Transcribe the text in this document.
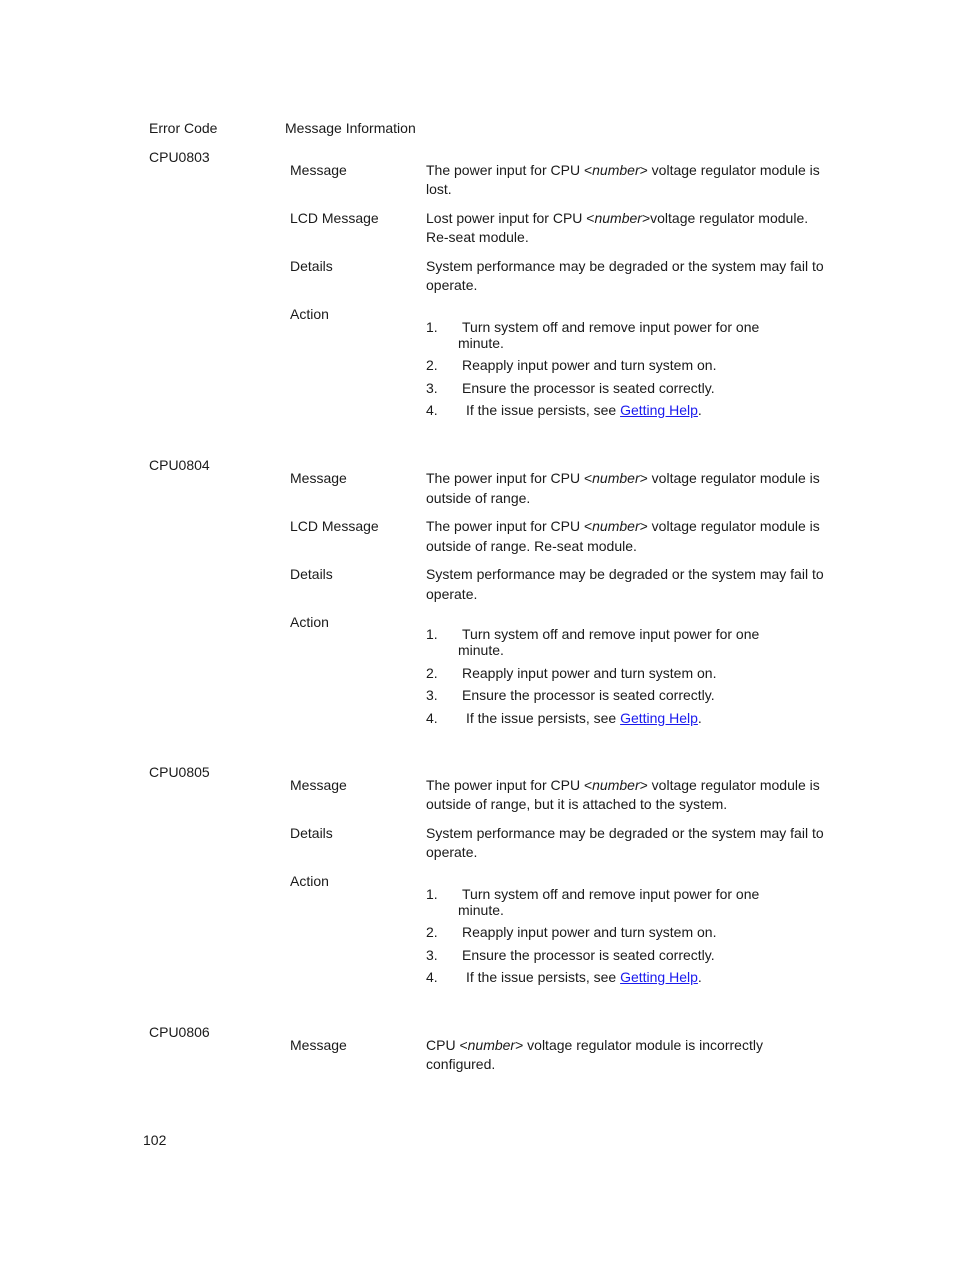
Error Code	Message Information
CPU0803
Message	The power input for CPU <number> voltage regulator module is lost.
LCD Message	Lost power input for CPU <number>voltage regulator module. Re-seat module.
Details	System performance may be degraded or the system may fail to operate.
Action
1. Turn system off and remove input power for one
minute.
2. Reapply input power and turn system on.
3. Ensure the processor is seated correctly.
4. If the issue persists, see Getting Help.
CPU0804
Message	The power input for CPU <number> voltage regulator module is outside of range.
LCD Message	The power input for CPU <number> voltage regulator module is outside of range. Re-seat module.
Details	System performance may be degraded or the system may fail to operate.
Action
1. Turn system off and remove input power for one
minute.
2. Reapply input power and turn system on.
3. Ensure the processor is seated correctly.
4. If the issue persists, see Getting Help.
CPU0805
Message	The power input for CPU <number> voltage regulator module is outside of range, but it is attached to the system.
Details	System performance may be degraded or the system may fail to operate.
Action
1. Turn system off and remove input power for one
minute.
2. Reapply input power and turn system on.
3. Ensure the processor is seated correctly.
4. If the issue persists, see Getting Help.
CPU0806
Message	CPU <number> voltage regulator module is incorrectly configured.
102
